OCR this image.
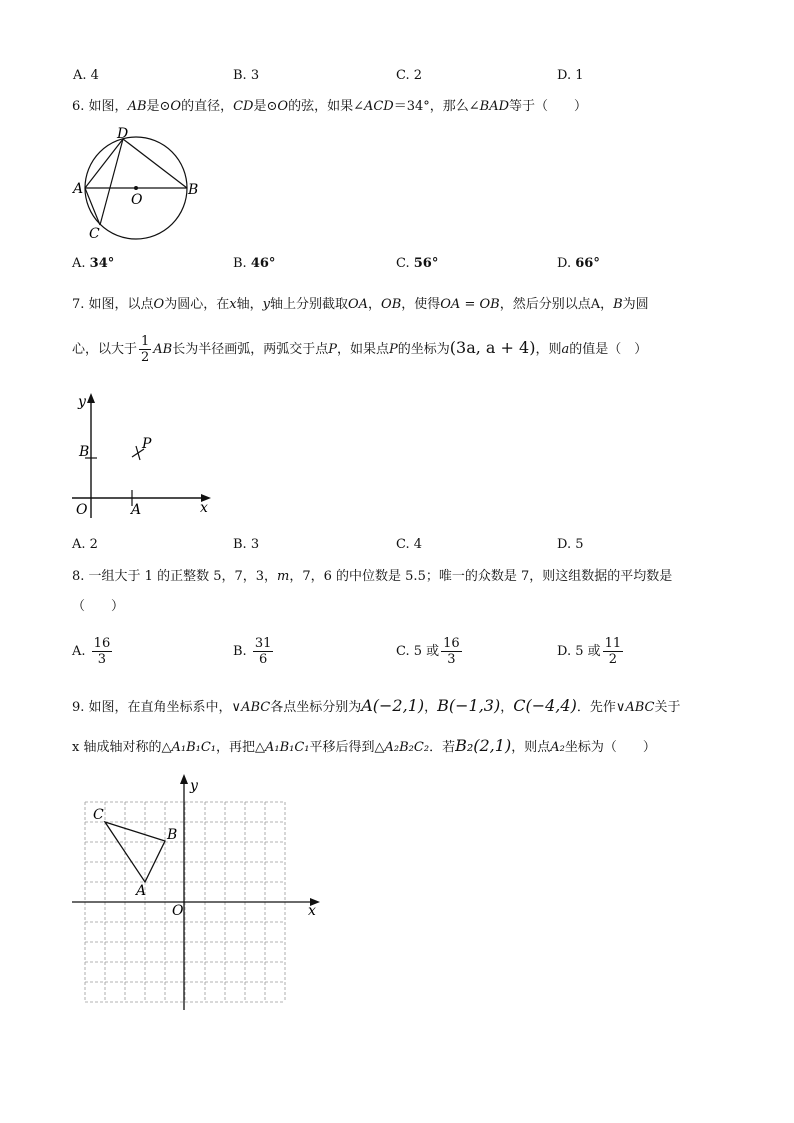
A. 4	B. 3	C. 2	D. 1
6. 如图，AB是⊙O的直径，CD是⊙O的弦，如果∠ACD＝34°，那么∠BAD等于（　　）
D
A
O
B
C
A. 34°	B. 46°	C. 56°	D. 66°
7. 如图，以点O为圆心，在x轴，y轴上分别截取OA，OB，使得OA = OB，然后分别以点A，B为圆
心，以大于 $\frac{1}{2}$ AB长为半径画弧，两弧交于点P，如果点P的坐标为(3a, a + 4)，则a的值是（　）
y
B	P
O	A	x
A. 2	B. 3	C. 4	D. 5
8. 一组大于 1 的正整数 5，7，3，m，7，6 的中位数是 5.5；唯一的众数是 7，则这组数据的平均数是
（　　）
A. $\frac{16}{3}$	B. $\frac{31}{6}$	C. 5 或 $\frac{16}{3}$	D. 5 或 $\frac{11}{2}$
9. 如图，在直角坐标系中，∨ABC各点坐标分别为A(−2,1)，B(−1,3)，C(−4,4)．先作∨ABC关于
x 轴成轴对称的△A₁B₁C₁，再把△A₁B₁C₁平移后得到△A₂B₂C₂．若B₂(2,1)，则点A₂坐标为（　　）
y
C
B
A
O	x
